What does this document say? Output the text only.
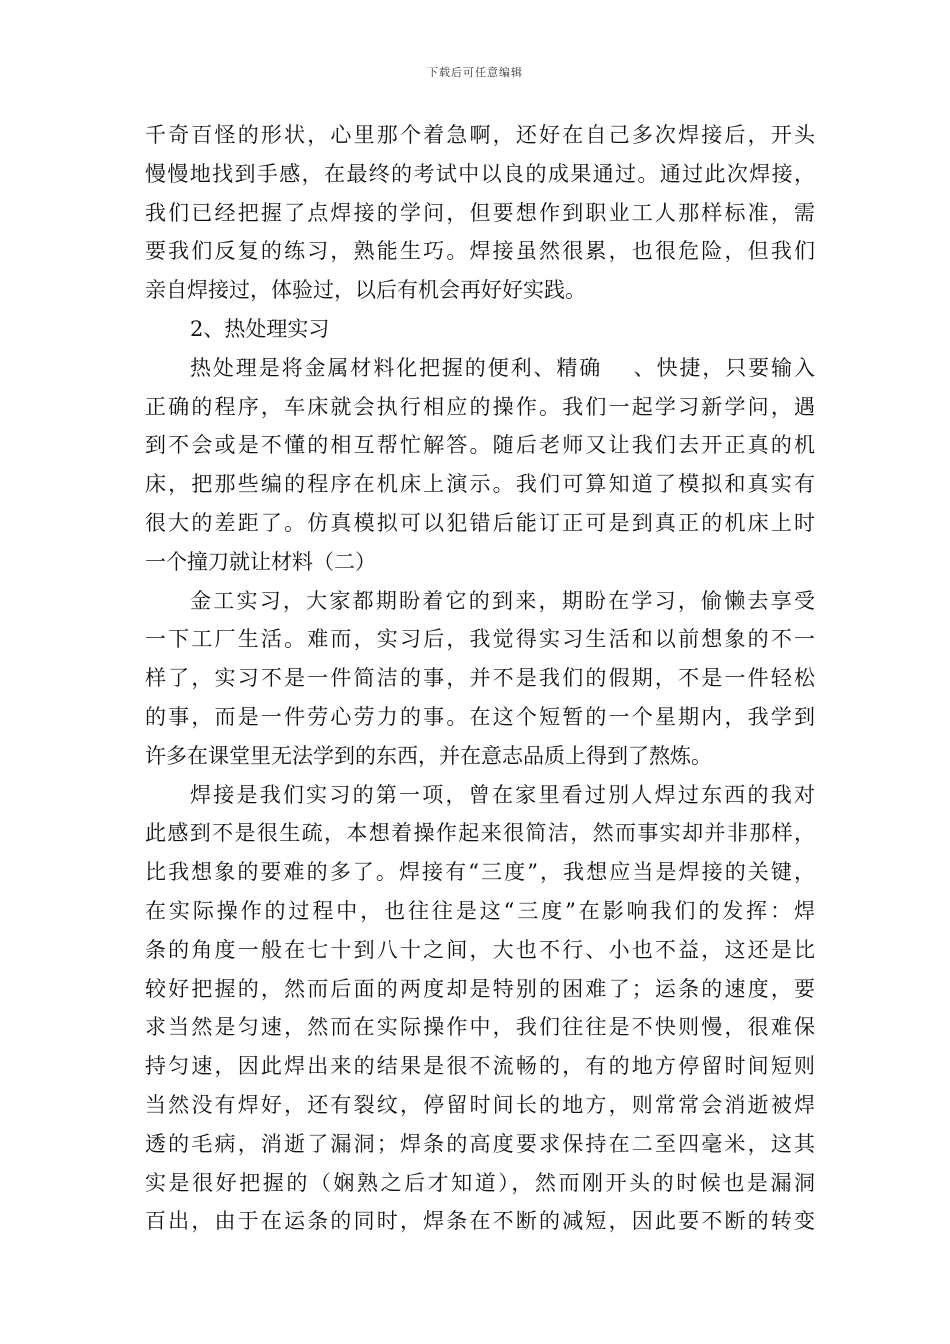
下载后可任意编辑
千奇百怪的形状，心里那个着急啊，还好在自己多次焊接后，开头
慢慢地找到手感，在最终的考试中以良的成果通过。通过此次焊接，
我们已经把握了点焊接的学问，但要想作到职业工人那样标准，需
要我们反复的练习，熟能生巧。焊接虽然很累，也很危险，但我们
亲自焊接过，体验过，以后有机会再好好实践。
2、热处理实习
热处理是将金属材料化把握的便利、精确　 、快捷，只要输入
正确的程序，车床就会执行相应的操作。我们一起学习新学问，遇
到不会或是不懂的相互帮忙解答。随后老师又让我们去开正真的机
床，把那些编的程序在机床上演示。我们可算知道了模拟和真实有
很大的差距了。仿真模拟可以犯错后能订正可是到真正的机床上时
一个撞刀就让材料（二）
金工实习，大家都期盼着它的到来，期盼在学习，偷懒去享受
一下工厂生活。难而，实习后，我觉得实习生活和以前想象的不一
样了，实习不是一件简洁的事，并不是我们的假期，不是一件轻松
的事，而是一件劳心劳力的事。在这个短暂的一个星期内，我学到
许多在课堂里无法学到的东西，并在意志品质上得到了熬炼。
焊接是我们实习的第一项，曾在家里看过別人焊过东西的我对
此感到不是很生疏，本想着操作起来很简洁，然而事实却并非那样，
比我想象的要难的多了。焊接有“三度”，我想应当是焊接的关键，
在实际操作的过程中，也往往是这“三度”在影响我们的发挥：焊
条的角度一般在七十到八十之间，大也不行、小也不益，这还是比
较好把握的，然而后面的两度却是特别的困难了；运条的速度，要
求当然是匀速，然而在实际操作中，我们往往是不快则慢，很难保
持匀速，因此焊出来的结果是很不流畅的，有的地方停留时间短则
当然没有焊好，还有裂纹，停留时间长的地方，则常常会消逝被焊
透的毛病，消逝了漏洞；焊条的高度要求保持在二至四毫米，这其
实是很好把握的（娴熟之后才知道），然而刚开头的时候也是漏洞
百出，由于在运条的同时，焊条在不断的减短，因此要不断的转变
